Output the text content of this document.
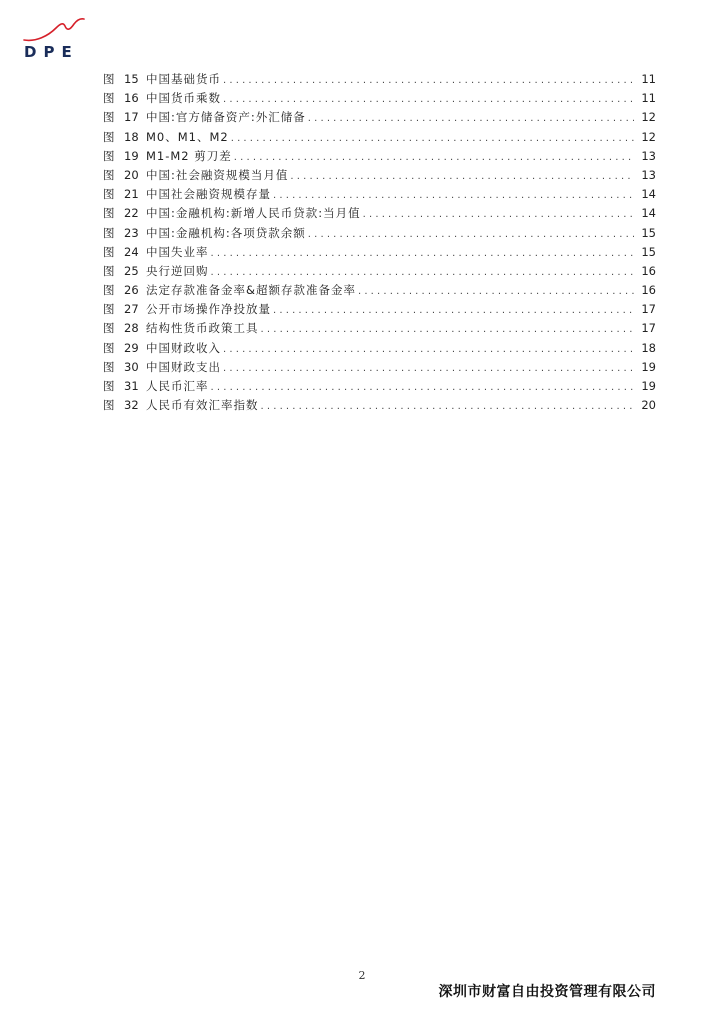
DPE
图 15 中国基础货币 . . .	11
图 16 中国货币乘数 . . .	11
图 17 中国:官方储备资产:外汇储备 . . .	12
图 18 M0、M1、M2 . . .	12
图 19 M1-M2 剪刀差 . . .	13
图 20 中国:社会融资规模当月值 . . .	13
图 21 中国社会融资规模存量 . . .	14
图 22 中国:金融机构:新增人民币贷款:当月值 . . .	14
图 23 中国:金融机构:各项贷款余额 . . .	15
图 24 中国失业率 . . .	15
图 25 央行逆回购 . . .	16
图 26 法定存款准备金率&超额存款准备金率 . . .	16
图 27 公开市场操作净投放量 . . .	17
图 28 结构性货币政策工具 . . .	17
图 29 中国财政收入 . . .	18
图 30 中国财政支出 . . .	19
图 31 人民币汇率 . . .	19
图 32 人民币有效汇率指数 . . .	20
2
深圳市财富自由投资管理有限公司
